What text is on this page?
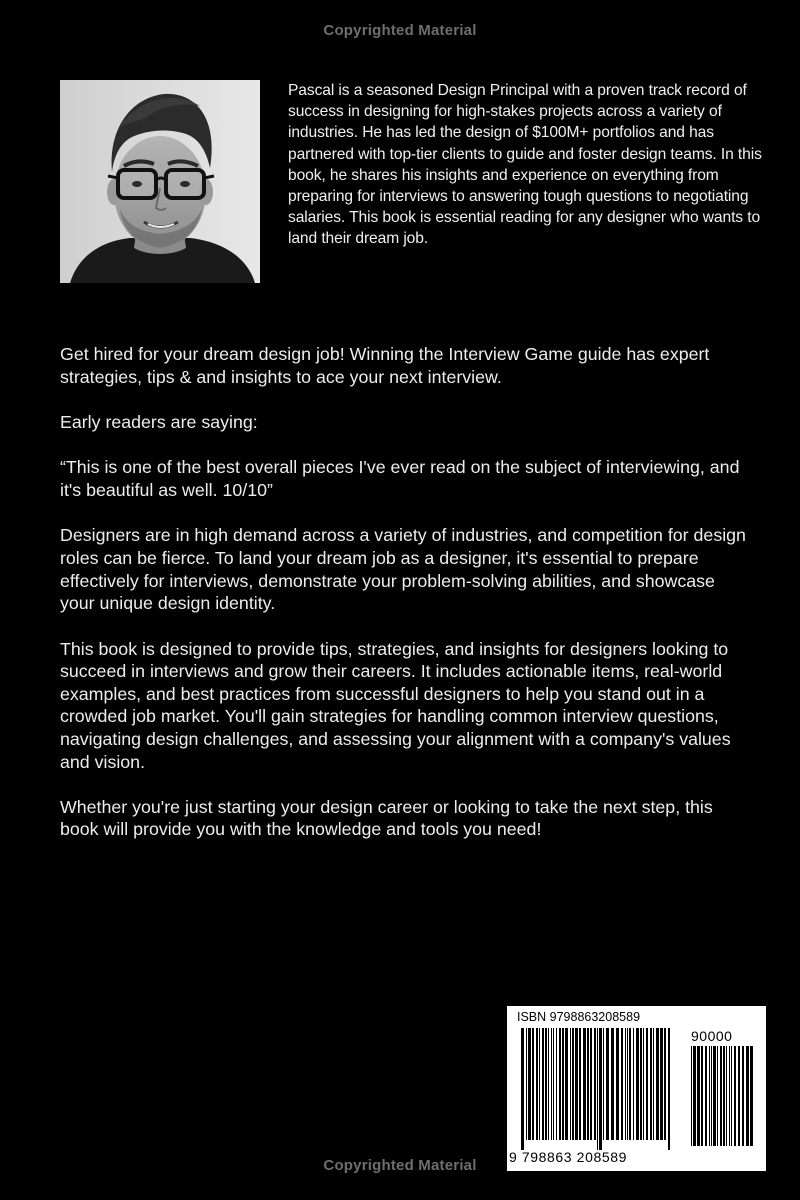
Copyrighted Material
Pascal is a seasoned Design Principal with a proven track record of success in designing for high-stakes projects across a variety of industries. He has led the design of $100M+ portfolios and has partnered with top-tier clients to guide and foster design teams. In this book, he shares his insights and experience on everything from preparing for interviews to answering tough questions to negotiating salaries. This book is essential reading for any designer who wants to land their dream job.

Get hired for your dream design job! Winning the Interview Game guide has expert strategies, tips & and insights to ace your next interview.

Early readers are saying:

“This is one of the best overall pieces I've ever read on the subject of interviewing, and it's beautiful as well. 10/10”

Designers are in high demand across a variety of industries, and competition for design roles can be fierce. To land your dream job as a designer, it's essential to prepare effectively for interviews, demonstrate your problem-solving abilities, and showcase your unique design identity.

This book is designed to provide tips, strategies, and insights for designers looking to succeed in interviews and grow their careers. It includes actionable items, real-world examples, and best practices from successful designers to help you stand out in a crowded job market. You'll gain strategies for handling common interview questions, navigating design challenges, and assessing your alignment with a company's values and vision.

Whether you're just starting your design career or looking to take the next step, this book will provide you with the knowledge and tools you need!

ISBN 9798863208589
90000
9 798863 208589
Copyrighted Material
